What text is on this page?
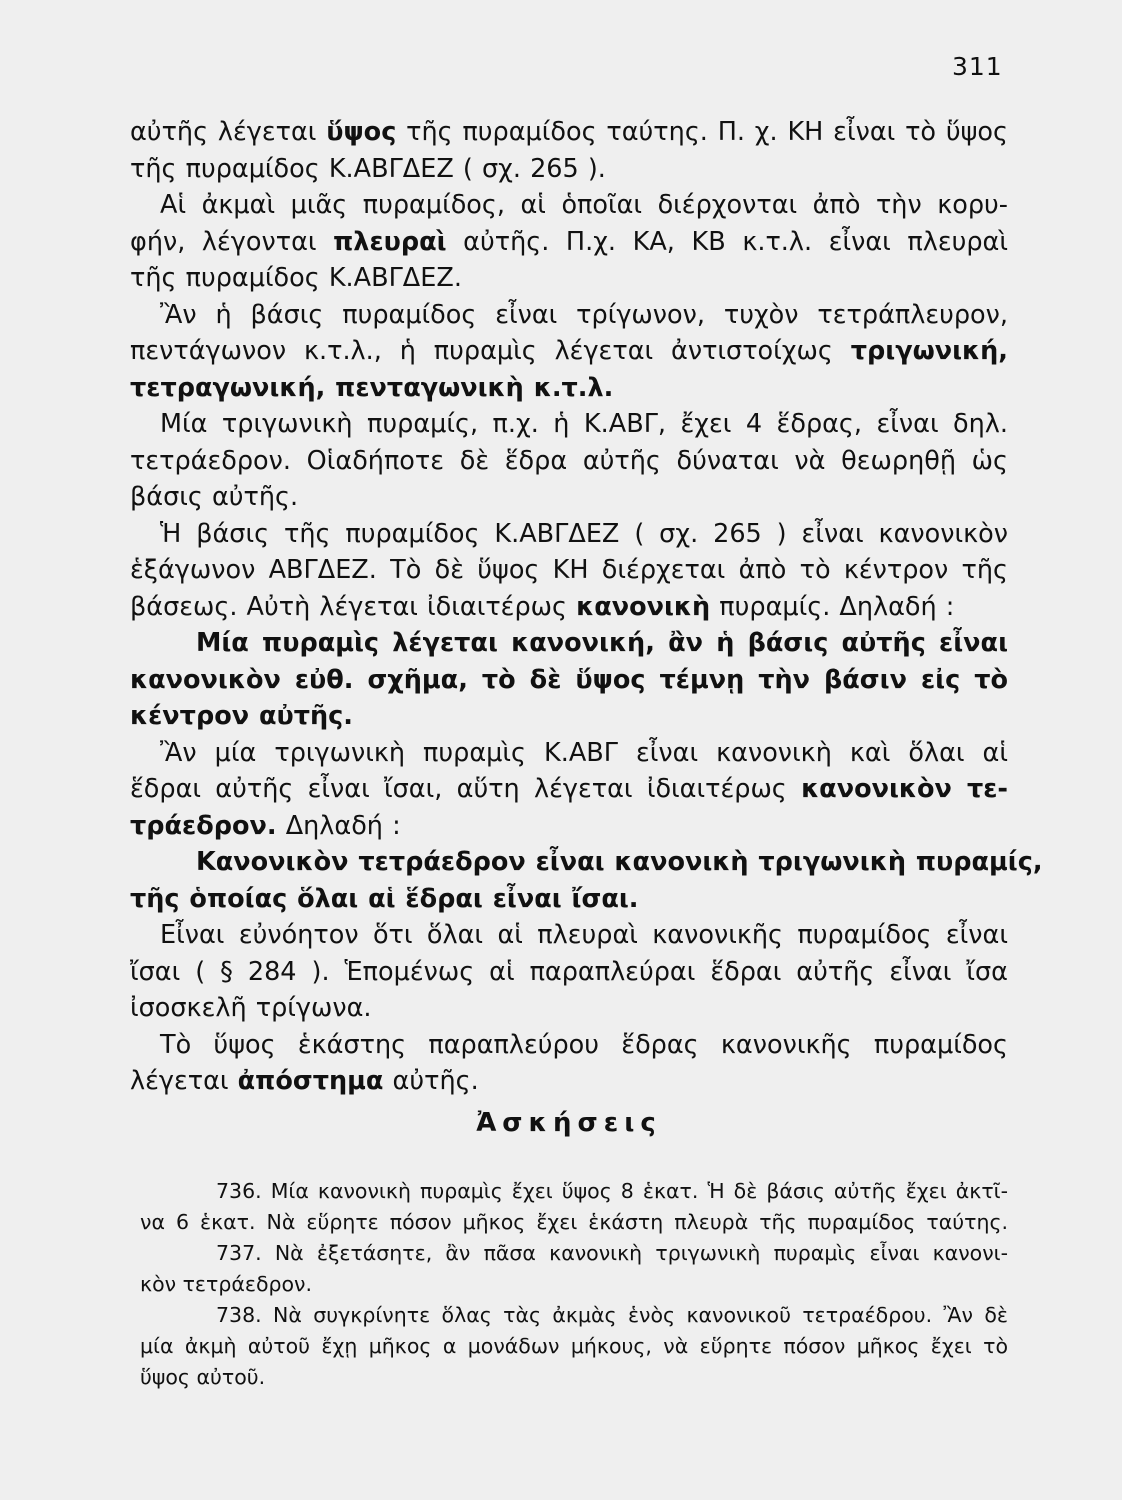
311
αὐτῆς λέγεται ὕψος τῆς πυραμίδος ταύτης. Π. χ. ΚΗ εἶναι τὸ ὕψος
τῆς πυραμίδος Κ.ΑΒΓΔΕΖ ( σχ. 265 ).
Αἱ ἀκμαὶ μιᾶς πυραμίδος, αἱ ὁποῖαι διέρχονται ἀπὸ τὴν κορυ-
φήν, λέγονται πλευραὶ αὐτῆς. Π.χ. ΚΑ, ΚΒ κ.τ.λ. εἶναι πλευραὶ
τῆς πυραμίδος Κ.ΑΒΓΔΕΖ.
Ἂν ἡ βάσις πυραμίδος εἶναι τρίγωνον, τυχὸν τετράπλευρον,
πεντάγωνον κ.τ.λ., ἡ πυραμὶς λέγεται ἀντιστοίχως τριγωνική,
τετραγωνική, πενταγωνικὴ κ.τ.λ.
Μία τριγωνικὴ πυραμίς, π.χ. ἡ Κ.ΑΒΓ, ἔχει 4 ἕδρας, εἶναι δηλ.
τετράεδρον. Οἱαδήποτε δὲ ἕδρα αὐτῆς δύναται νὰ θεωρηθῇ ὡς
βάσις αὐτῆς.
Ἡ βάσις τῆς πυραμίδος Κ.ΑΒΓΔΕΖ ( σχ. 265 ) εἶναι κανονικὸν
ἑξάγωνον ΑΒΓΔΕΖ. Τὸ δὲ ὕψος ΚΗ διέρχεται ἀπὸ τὸ κέντρον τῆς
βάσεως. Αὐτὴ λέγεται ἰδιαιτέρως κανονικὴ πυραμίς. Δηλαδή :
Μία πυραμὶς λέγεται κανονική, ἂν ἡ βάσις αὐτῆς εἶναι
κανονικὸν εὐθ. σχῆμα, τὸ δὲ ὕψος τέμνῃ τὴν βάσιν εἰς τὸ
κέντρον αὐτῆς.
Ἂν μία τριγωνικὴ πυραμὶς Κ.ΑΒΓ εἶναι κανονικὴ καὶ ὅλαι αἱ
ἕδραι αὐτῆς εἶναι ἴσαι, αὕτη λέγεται ἰδιαιτέρως κανονικὸν τε-
τράεδρον. Δηλαδή :
Κανονικὸν τετράεδρον εἶναι κανονικὴ τριγωνικὴ πυραμίς,
τῆς ὁποίας ὅλαι αἱ ἕδραι εἶναι ἴσαι.
Εἶναι εὐνόητον ὅτι ὅλαι αἱ πλευραὶ κανονικῆς πυραμίδος εἶναι
ἴσαι ( § 284 ). Ἑπομένως αἱ παραπλεύραι ἕδραι αὐτῆς εἶναι ἴσα
ἰσοσκελῆ τρίγωνα.
Τὸ ὕψος ἑκάστης παραπλεύρου ἕδρας κανονικῆς πυραμίδος
λέγεται ἀπόστημα αὐτῆς.
Ἀσκήσεις
736. Μία κανονικὴ πυραμὶς ἔχει ὕψος 8 ἑκατ. Ἡ δὲ βάσις αὐτῆς ἔχει ἀκτῖ-
να 6 ἑκατ. Νὰ εὕρητε πόσον μῆκος ἔχει ἑκάστη πλευρὰ τῆς πυραμίδος ταύτης.
737. Νὰ ἐξετάσητε, ἂν πᾶσα κανονικὴ τριγωνικὴ πυραμὶς εἶναι κανονι-
κὸν τετράεδρον.
738. Νὰ συγκρίνητε ὅλας τὰς ἀκμὰς ἑνὸς κανονικοῦ τετραέδρου. Ἂν δὲ
μία ἀκμὴ αὐτοῦ ἔχῃ μῆκος α μονάδων μήκους, νὰ εὕρητε πόσον μῆκος ἔχει τὸ
ὕψος αὐτοῦ.
